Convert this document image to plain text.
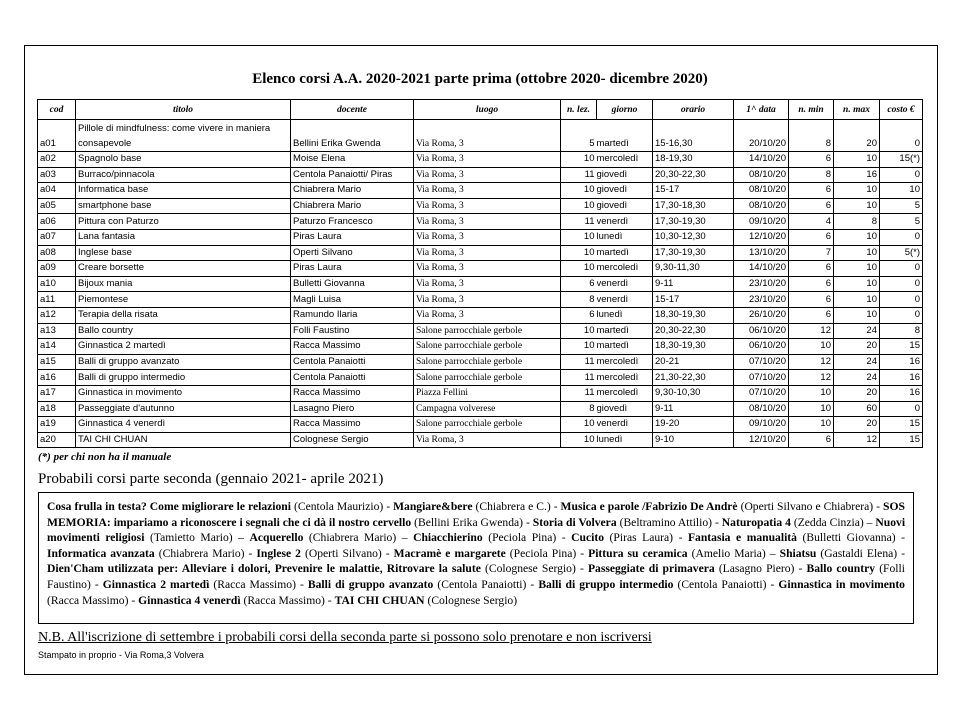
Elenco corsi A.A. 2020-2021 parte prima (ottobre 2020- dicembre 2020)
cod	titolo	docente	luogo	n. lez.	giorno	orario	1^ data	n. min	n. max	costo €
a01	Pillole di mindfulness: come vivere in maniera consapevole	Bellini Erika Gwenda	Via Roma, 3	5	martedì	15-16,30	20/10/20	8	20	0
a02	Spagnolo base	Moise Elena	Via Roma, 3	10	mercoledì	18-19,30	14/10/20	6	10	15(*)
a03	Burraco/pinnacola	Centola Panaiotti/ Piras	Via Roma, 3	11	giovedì	20,30-22,30	08/10/20	8	16	0
a04	Informatica base	Chiabrera Mario	Via Roma, 3	10	giovedì	15-17	08/10/20	6	10	10
a05	smartphone base	Chiabrera Mario	Via Roma, 3	10	giovedì	17,30-18,30	08/10/20	6	10	5
a06	Pittura con Paturzo	Paturzo Francesco	Via Roma, 3	11	venerdì	17,30-19,30	09/10/20	4	8	5
a07	Lana fantasia	Piras Laura	Via Roma, 3	10	lunedì	10,30-12,30	12/10/20	6	10	0
a08	Inglese base	Operti Silvano	Via Roma, 3	10	martedì	17,30-19,30	13/10/20	7	10	5(*)
a09	Creare borsette	Piras Laura	Via Roma, 3	10	mercoledì	9,30-11,30	14/10/20	6	10	0
a10	Bijoux mania	Bulletti Giovanna	Via Roma, 3	6	venerdì	9-11	23/10/20	6	10	0
a11	Piemontese	Magli Luisa	Via Roma, 3	8	venerdì	15-17	23/10/20	6	10	0
a12	Terapia della risata	Ramundo Ilaria	Via Roma, 3	6	lunedì	18,30-19,30	26/10/20	6	10	0
a13	Ballo country	Folli Faustino	Salone parrocchiale gerbole	10	martedì	20,30-22,30	06/10/20	12	24	8
a14	Ginnastica 2 martedì	Racca Massimo	Salone parrocchiale gerbole	10	martedì	18,30-19,30	06/10/20	10	20	15
a15	Balli di gruppo avanzato	Centola Panaiotti	Salone parrocchiale gerbole	11	mercoledì	20-21	07/10/20	12	24	16
a16	Balli di gruppo intermedio	Centola Panaiotti	Salone parrocchiale gerbole	11	mercoledì	21,30-22,30	07/10/20	12	24	16
a17	Ginnastica in movimento	Racca Massimo	Piazza Fellini	11	mercoledì	9,30-10,30	07/10/20	10	20	16
a18	Passeggiate d'autunno	Lasagno Piero	Campagna volverese	8	giovedì	9-11	08/10/20	10	60	0
a19	Ginnastica 4 venerdì	Racca Massimo	Salone parrocchiale gerbole	10	venerdì	19-20	09/10/20	10	20	15
a20	TAI CHI CHUAN	Colognese Sergio	Via Roma, 3	10	lunedì	9-10	12/10/20	6	12	15
(*) per chi non ha il manuale
Probabili corsi parte seconda (gennaio 2021- aprile 2021)
Cosa frulla in testa? Come migliorare le relazioni (Centola Maurizio) - Mangiare&bere (Chiabrera e C.) - Musica e parole /Fabrizio De Andrè (Operti Silvano e Chiabrera) - SOS MEMORIA: impariamo a riconoscere i segnali che ci dà il nostro cervello (Bellini Erika Gwenda) - Storia di Volvera (Beltramino Attilio) - Naturopatia 4 (Zedda Cinzia) – Nuovi movimenti religiosi (Tamietto Mario) – Acquerello (Chiabrera Mario) – Chiacchierino (Peciola Pina) - Cucito (Piras Laura) - Fantasia e manualità (Bulletti Giovanna) - Informatica avanzata (Chiabrera Mario) - Inglese 2 (Operti Silvano) - Macramè e margarete (Peciola Pina) - Pittura su ceramica (Amelio Maria) – Shiatsu (Gastaldi Elena) - Dien'Cham utilizzata per: Alleviare i dolori, Prevenire le malattie, Ritrovare la salute (Colognese Sergio) - Passeggiate di primavera (Lasagno Piero) - Ballo country (Folli Faustino) - Ginnastica 2 martedì (Racca Massimo) - Balli di gruppo avanzato (Centola Panaiotti) - Balli di gruppo intermedio (Centola Panaiotti) - Ginnastica in movimento (Racca Massimo) - Ginnastica 4 venerdì (Racca Massimo) - TAI CHI CHUAN (Colognese Sergio)
N.B. All'iscrizione di settembre i probabili corsi della seconda parte si possono solo prenotare e non iscriversi
Stampato in proprio - Via Roma,3 Volvera
